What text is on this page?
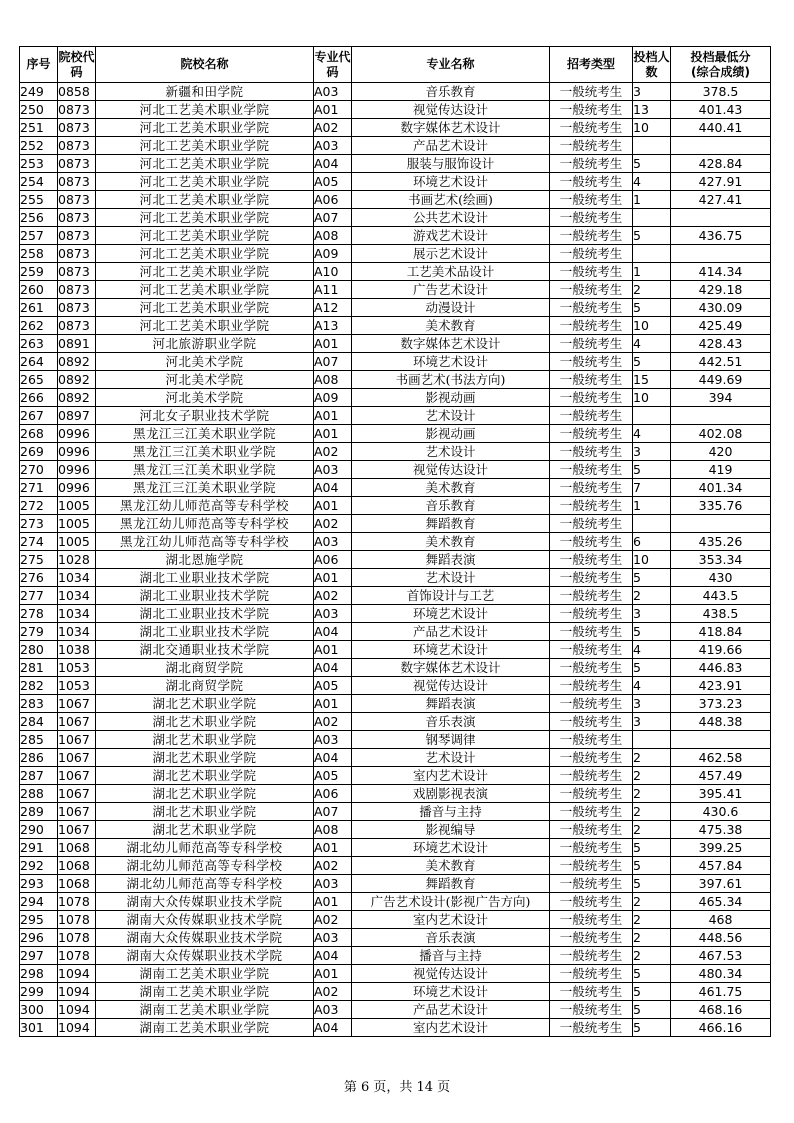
序号	院校代码	院校名称	专业代码	专业名称	招考类型	投档人数	投档最低分
(综合成绩)

249	0858	新疆和田学院	A03	音乐教育	一般统考生	3	378.5
250	0873	河北工艺美术职业学院	A01	视觉传达设计	一般统考生	13	401.43
251	0873	河北工艺美术职业学院	A02	数字媒体艺术设计	一般统考生	10	440.41
252	0873	河北工艺美术职业学院	A03	产品艺术设计	一般统考生		
253	0873	河北工艺美术职业学院	A04	服装与服饰设计	一般统考生	5	428.84
254	0873	河北工艺美术职业学院	A05	环境艺术设计	一般统考生	4	427.91
255	0873	河北工艺美术职业学院	A06	书画艺术(绘画)	一般统考生	1	427.41
256	0873	河北工艺美术职业学院	A07	公共艺术设计	一般统考生		
257	0873	河北工艺美术职业学院	A08	游戏艺术设计	一般统考生	5	436.75
258	0873	河北工艺美术职业学院	A09	展示艺术设计	一般统考生		
259	0873	河北工艺美术职业学院	A10	工艺美术品设计	一般统考生	1	414.34
260	0873	河北工艺美术职业学院	A11	广告艺术设计	一般统考生	2	429.18
261	0873	河北工艺美术职业学院	A12	动漫设计	一般统考生	5	430.09
262	0873	河北工艺美术职业学院	A13	美术教育	一般统考生	10	425.49
263	0891	河北旅游职业学院	A01	数字媒体艺术设计	一般统考生	4	428.43
264	0892	河北美术学院	A07	环境艺术设计	一般统考生	5	442.51
265	0892	河北美术学院	A08	书画艺术(书法方向)	一般统考生	15	449.69
266	0892	河北美术学院	A09	影视动画	一般统考生	10	394
267	0897	河北女子职业技术学院	A01	艺术设计	一般统考生		
268	0996	黑龙江三江美术职业学院	A01	影视动画	一般统考生	4	402.08
269	0996	黑龙江三江美术职业学院	A02	艺术设计	一般统考生	3	420
270	0996	黑龙江三江美术职业学院	A03	视觉传达设计	一般统考生	5	419
271	0996	黑龙江三江美术职业学院	A04	美术教育	一般统考生	7	401.34
272	1005	黑龙江幼儿师范高等专科学校	A01	音乐教育	一般统考生	1	335.76
273	1005	黑龙江幼儿师范高等专科学校	A02	舞蹈教育	一般统考生		
274	1005	黑龙江幼儿师范高等专科学校	A03	美术教育	一般统考生	6	435.26
275	1028	湖北恩施学院	A06	舞蹈表演	一般统考生	10	353.34
276	1034	湖北工业职业技术学院	A01	艺术设计	一般统考生	5	430
277	1034	湖北工业职业技术学院	A02	首饰设计与工艺	一般统考生	2	443.5
278	1034	湖北工业职业技术学院	A03	环境艺术设计	一般统考生	3	438.5
279	1034	湖北工业职业技术学院	A04	产品艺术设计	一般统考生	5	418.84
280	1038	湖北交通职业技术学院	A01	环境艺术设计	一般统考生	4	419.66
281	1053	湖北商贸学院	A04	数字媒体艺术设计	一般统考生	5	446.83
282	1053	湖北商贸学院	A05	视觉传达设计	一般统考生	4	423.91
283	1067	湖北艺术职业学院	A01	舞蹈表演	一般统考生	3	373.23
284	1067	湖北艺术职业学院	A02	音乐表演	一般统考生	3	448.38
285	1067	湖北艺术职业学院	A03	钢琴调律	一般统考生		
286	1067	湖北艺术职业学院	A04	艺术设计	一般统考生	2	462.58
287	1067	湖北艺术职业学院	A05	室内艺术设计	一般统考生	2	457.49
288	1067	湖北艺术职业学院	A06	戏剧影视表演	一般统考生	2	395.41
289	1067	湖北艺术职业学院	A07	播音与主持	一般统考生	2	430.6
290	1067	湖北艺术职业学院	A08	影视编导	一般统考生	2	475.38
291	1068	湖北幼儿师范高等专科学校	A01	环境艺术设计	一般统考生	5	399.25
292	1068	湖北幼儿师范高等专科学校	A02	美术教育	一般统考生	5	457.84
293	1068	湖北幼儿师范高等专科学校	A03	舞蹈教育	一般统考生	5	397.61
294	1078	湖南大众传媒职业技术学院	A01	广告艺术设计(影视广告方向)	一般统考生	2	465.34
295	1078	湖南大众传媒职业技术学院	A02	室内艺术设计	一般统考生	2	468
296	1078	湖南大众传媒职业技术学院	A03	音乐表演	一般统考生	2	448.56
297	1078	湖南大众传媒职业技术学院	A04	播音与主持	一般统考生	2	467.53
298	1094	湖南工艺美术职业学院	A01	视觉传达设计	一般统考生	5	480.34
299	1094	湖南工艺美术职业学院	A02	环境艺术设计	一般统考生	5	461.75
300	1094	湖南工艺美术职业学院	A03	产品艺术设计	一般统考生	5	468.16
301	1094	湖南工艺美术职业学院	A04	室内艺术设计	一般统考生	5	466.16
第 6 页，共 14 页
